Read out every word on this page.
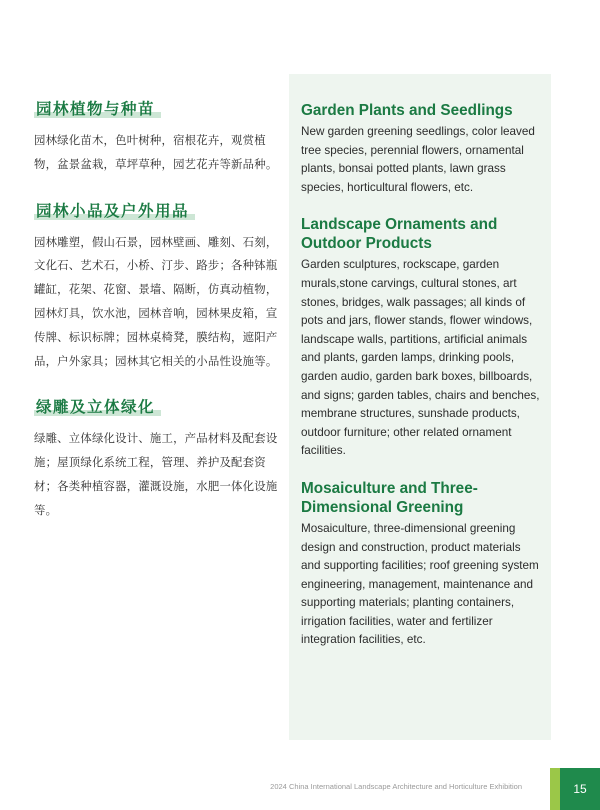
园林植物与种苗
园林绿化苗木，色叶树种，宿根花卉，观赏植物，盆景盆栽，草坪草种，园艺花卉等新品种。
园林小品及户外用品
园林雕塑，假山石景，园林壁画、雕刻、石刻，文化石、艺术石，小桥、汀步、路步；各种钵瓶罐缸，花架、花窗、景墙、隔断，仿真动植物，园林灯具，饮水池，园林音响，园林果皮箱，宣传牌、标识标牌；园林桌椅凳，膜结构，遮阳产品，户外家具；园林其它相关的小品性设施等。
绿雕及立体绿化
绿雕、立体绿化设计、施工，产品材料及配套设施；屋顶绿化系统工程，管理、养护及配套资材；各类种植容器，灌溉设施，水肥一体化设施等。
Garden Plants and Seedlings
New garden greening seedlings, color leaved tree species, perennial flowers, ornamental plants, bonsai potted plants, lawn grass species, horticultural flowers, etc.
Landscape Ornaments and Outdoor Products
Garden sculptures, rockscape, garden murals,stone carvings, cultural stones, art stones, bridges, walk passages; all kinds of pots and jars, flower stands, flower windows, landscape walls, partitions, artificial animals and plants, garden lamps, drinking pools, garden audio, garden bark boxes, billboards, and signs; garden tables, chairs and benches, membrane structures, sunshade products, outdoor furniture; other related ornament facilities.
Mosaiculture and Three-Dimensional Greening
Mosaiculture, three-dimensional greening design and construction, product materials and supporting facilities; roof greening system engineering, management, maintenance and supporting materials; planting containers, irrigation facilities, water and fertilizer integration facilities, etc.
2024 China International Landscape Architecture and Horticulture Exhibition	15
